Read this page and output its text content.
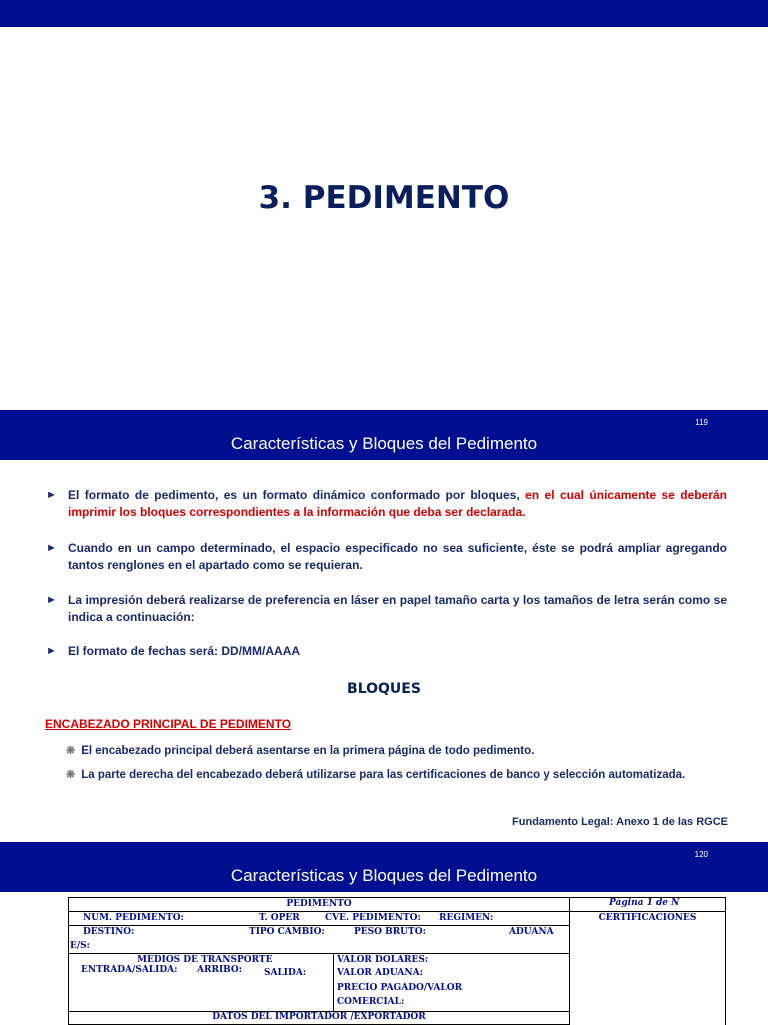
3. PEDIMENTO
119
Características y Bloques del Pedimento
► El formato de pedimento, es un formato dinámico conformado por bloques, en el cual únicamente se deberán imprimir los bloques correspondientes a la información que deba ser declarada.
► Cuando en un campo determinado, el espacio especificado no sea suficiente, éste se podrá ampliar agregando tantos renglones en el apartado como se requieran.
► La impresión deberá realizarse de preferencia en láser en papel tamaño carta y los tamaños de letra serán como se indica a continuación:
► El formato de fechas será: DD/MM/AAAA
BLOQUES
ENCABEZADO PRINCIPAL DE PEDIMENTO
❋ El encabezado principal deberá asentarse en la primera página de todo pedimento.
❋ La parte derecha del encabezado deberá utilizarse para las certificaciones de banco y selección automatizada.
Fundamento Legal: Anexo 1 de las RGCE
120
Características y Bloques del Pedimento
PEDIMENTO	Página 1 de N
NUM. PEDIMENTO:	T. OPER	CVE. PEDIMENTO: REGIMEN:	CERTIFICACIONES
DESTINO:	TIPO CAMBIO:	PESO BRUTO:	ADUANA
E/S:
MEDIOS DE TRANSPORTE
ENTRADA/SALIDA: ARRIBO: SALIDA:
VALOR DOLARES:
VALOR ADUANA:
PRECIO PAGADO/VALOR
COMERCIAL:
DATOS DEL IMPORTADOR /EXPORTADOR
